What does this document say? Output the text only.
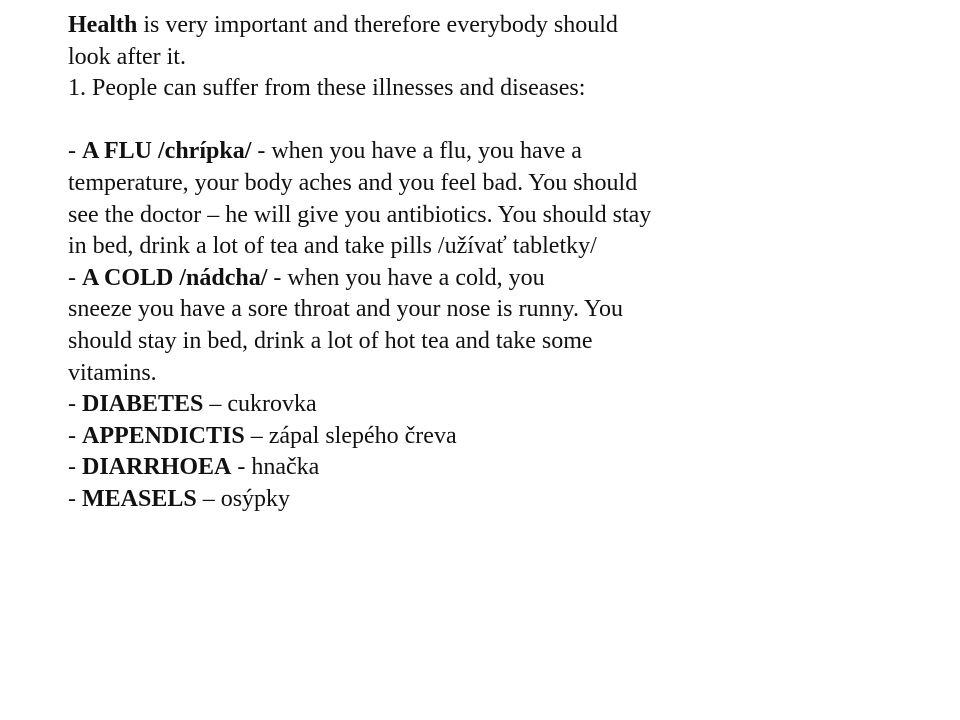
Health is very important and therefore everybody should

look after it.

1. People can suffer from these illnesses and diseases:

- A FLU /chrípka/ - when you have a flu, you have a

temperature, your body aches and you feel bad. You should

see the doctor – he will give you antibiotics. You should stay

in bed, drink a lot of tea and take pills /užívať tabletky/

- A COLD /nádcha/ - when you have a cold, you

sneeze you have a sore throat and your nose is runny. You

should stay in bed, drink a lot of hot tea and take some

vitamins.

- DIABETES – cukrovka

- APPENDICTIS – zápal slepého čreva

- DIARRHOEA - hnačka

- MEASELS – osýpky
